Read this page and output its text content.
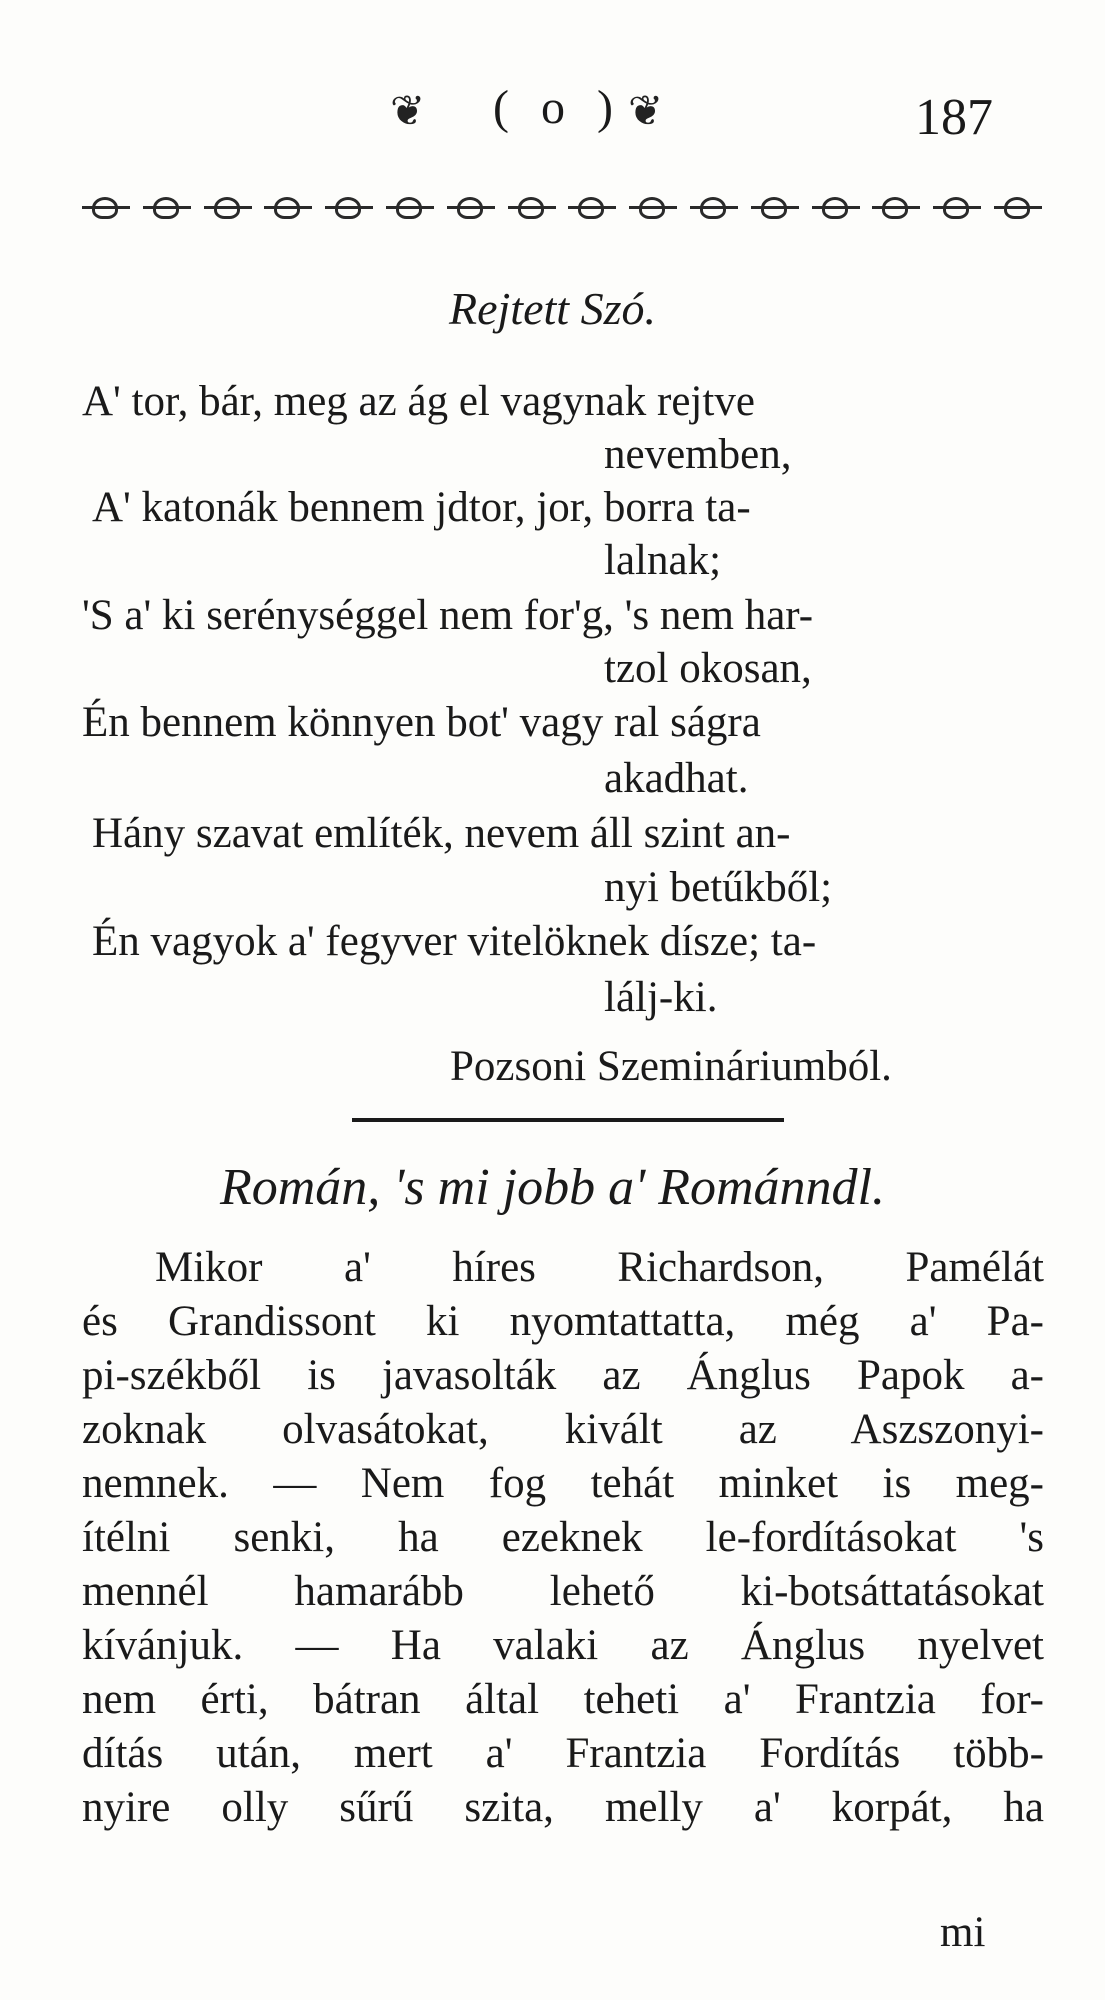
❦	( o ) ❦	187
Rejtett Szó.
A' tor, bár, meg az ág el vagynak rejtve
nevemben,
A' katonák bennem jdtor, jor, borra ta-
lalnak;
'S a' ki serénységgel nem for'g, 's nem har-
tzol okosan,
Én bennem könnyen bot' vagy ral ságra
akadhat.
Hány szavat említék, nevem áll szint an-
nyi betűkből;
Én vagyok a' fegyver vitelöknek dísze; ta-
lálj-ki.
Pozsoni Szemináriumból.
Román, 's mi jobb a' Románndl.
Mikor a' híres Richardson, Pamélát
és Grandissont ki nyomtattatta, még a' Pa-
pi-székből is javasolták az Ánglus Papok a-
zoknak olvasátokat, kivált az Aszszonyi-
nemnek. — Nem fog tehát minket is meg-
ítélni senki, ha ezeknek le-fordításokat 's
mennél hamarább lehető ki-botsáttatásokat
kívánjuk. — Ha valaki az Ánglus nyelvet
nem érti, bátran által teheti a' Frantzia for-
dítás után, mert a' Frantzia Fordítás több-
nyire olly sűrű szita, melly a' korpát, ha
mi
